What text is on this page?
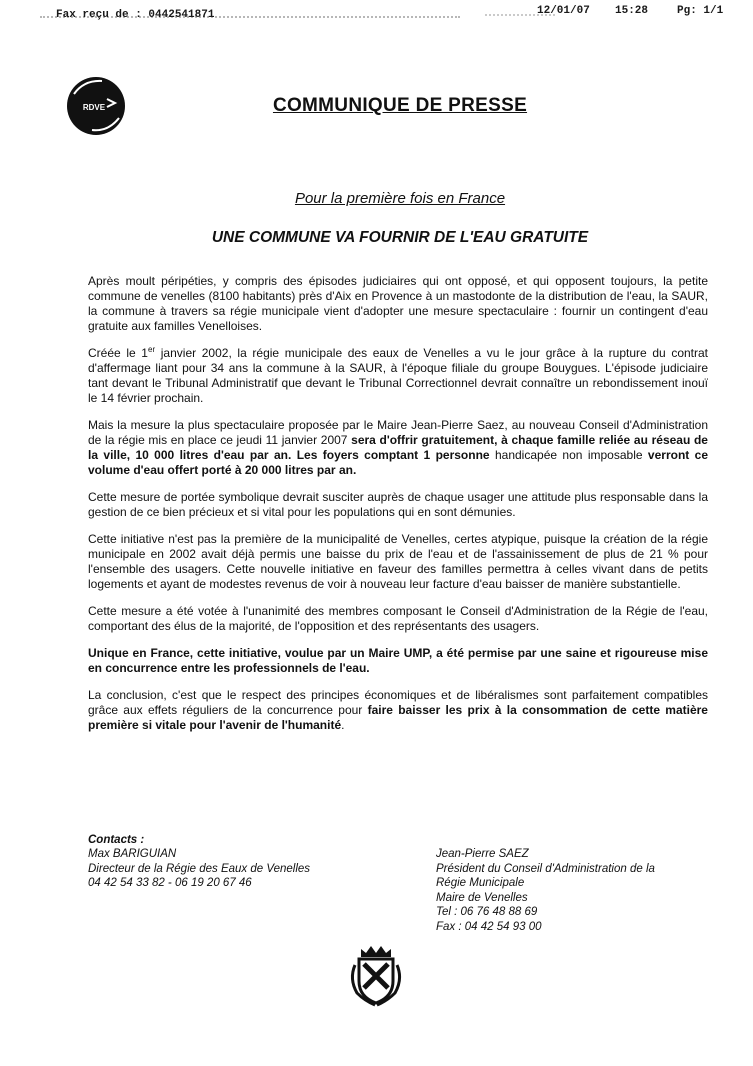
Fax reçu de : 0442541871	12/01/07 15:28	Pg: 1/1
RDVE	COMMUNIQUE DE PRESSE
Pour la première fois en France
UNE COMMUNE VA FOURNIR DE L'EAU GRATUITE

Après moult péripéties, y compris des épisodes judiciaires qui ont opposé, et qui opposent toujours, la petite commune de venelles (8100 habitants) près d'Aix en Provence à un mastodonte de la distribution de l'eau, la SAUR, la commune à travers sa régie municipale vient d'adopter une mesure spectaculaire : fournir un contingent d'eau gratuite aux familles Venelloises.

Créée le 1er janvier 2002, la régie municipale des eaux de Venelles a vu le jour grâce à la rupture du contrat d'affermage liant pour 34 ans la commune à la SAUR, à l'époque filiale du groupe Bouygues. L'épisode judiciaire tant devant le Tribunal Administratif que devant le Tribunal Correctionnel devrait connaître un rebondissement inouï le 14 février prochain.

Mais la mesure la plus spectaculaire proposée par le Maire Jean-Pierre Saez, au nouveau Conseil d'Administration de la régie mis en place ce jeudi 11 janvier 2007 sera d'offrir gratuitement, à chaque famille reliée au réseau de la ville, 10 000 litres d'eau par an. Les foyers comptant 1 personne handicapée non imposable verront ce volume d'eau offert porté à 20 000 litres par an.

Cette mesure de portée symbolique devrait susciter auprès de chaque usager une attitude plus responsable dans la gestion de ce bien précieux et si vital pour les populations qui en sont démunies.

Cette initiative n'est pas la première de la municipalité de Venelles, certes atypique, puisque la création de la régie municipale en 2002 avait déjà permis une baisse du prix de l'eau et de l'assainissement de plus de 21 % pour l'ensemble des usagers. Cette nouvelle initiative en faveur des familles permettra à celles vivant dans de petits logements et ayant de modestes revenus de voir à nouveau leur facture d'eau baisser de manière substantielle.

Cette mesure a été votée à l'unanimité des membres composant le Conseil d'Administration de la Régie de l'eau, comportant des élus de la majorité, de l'opposition et des représentants des usagers.

Unique en France, cette initiative, voulue par un Maire UMP, a été permise par une saine et rigoureuse mise en concurrence entre les professionnels de l'eau.

La conclusion, c'est que le respect des principes économiques et de libéralismes sont parfaitement compatibles grâce aux effets réguliers de la concurrence pour faire baisser les prix à la consommation de cette matière première si vitale pour l'avenir de l'humanité.

Contacts :
Max BARIGUIAN
Directeur de la Régie des Eaux de Venelles
04 42 54 33 82 - 06 19 20 67 46
Jean-Pierre SAEZ
Président du Conseil d'Administration de la
Régie Municipale
Maire de Venelles
Tel : 06 76 48 88 69
Fax : 04 42 54 93 00
